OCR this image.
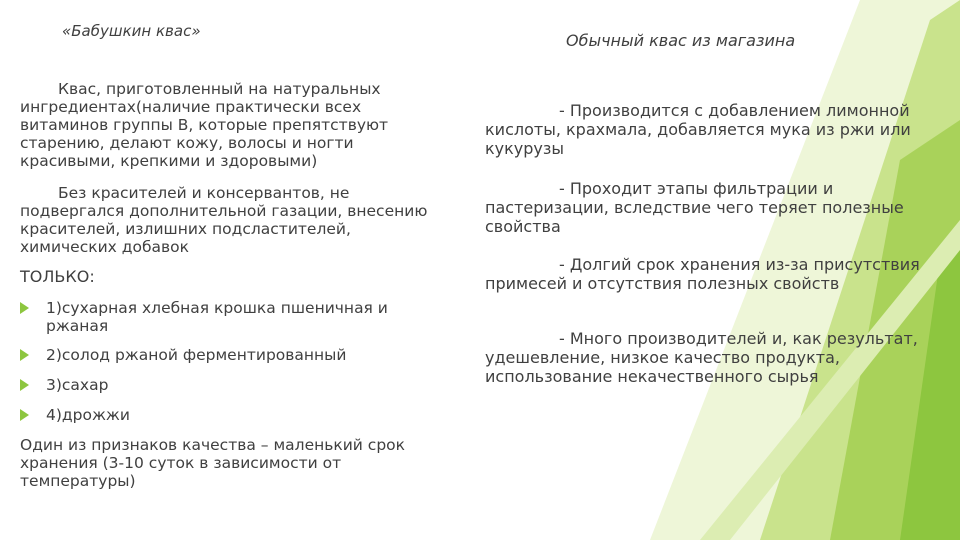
«Бабушкин квас»

Квас, приготовленный на натуральных ингредиентах(наличие практически всех витаминов группы В, которые препятствуют старению, делают кожу, волосы и ногти красивыми, крепкими и здоровыми)

Без красителей и консервантов, не подвергался дополнительной газации, внесению красителей, излишних подсластителей, химических добавок

ТОЛЬКО:
1)сухарная хлебная крошка пшеничная и ржаная
2)солод ржаной ферментированный
3)сахар
4)дрожжи

Один из признаков качества – маленький срок хранения (3-10 суток в зависимости от температуры)

Обычный квас из магазина

- Производится с добавлением лимонной кислоты, крахмала, добавляется мука из ржи или кукурузы

- Проходит этапы фильтрации и пастеризации, вследствие чего теряет полезные свойства

- Долгий срок хранения из-за присутствия примесей и отсутствия полезных свойств

- Много производителей и, как результат, удешевление, низкое качество продукта, использование некачественного сырья
